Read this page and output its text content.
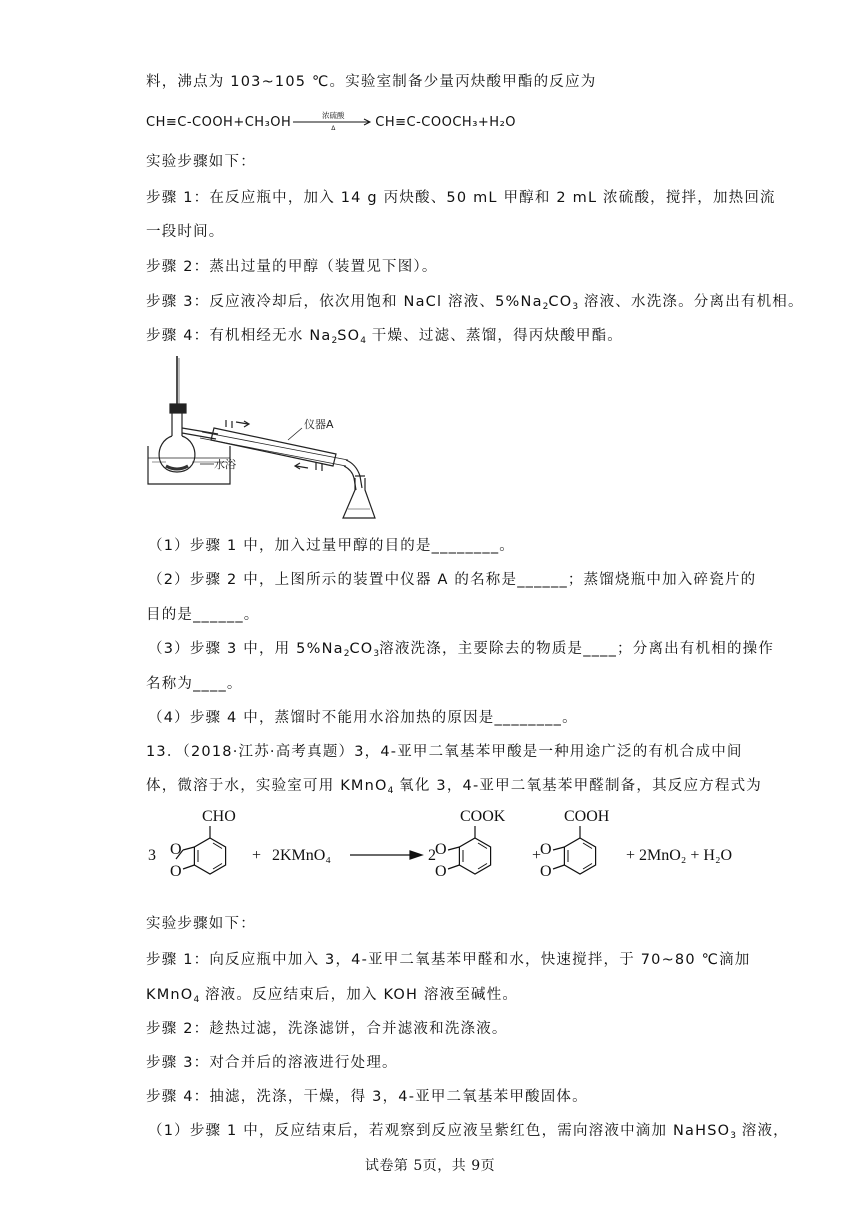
料，沸点为 103~105 ℃。实验室制备少量丙炔酸甲酯的反应为
CH≡C-COOH+CH₃OH	浓硫酸
Δ	CH≡C-COOCH₃+H₂O
实验步骤如下：
步骤 1：在反应瓶中，加入 14 g 丙炔酸、50 mL 甲醇和 2 mL 浓硫酸，搅拌，加热回流
一段时间。
步骤 2：蒸出过量的甲醇（装置见下图）。
步骤 3：反应液冷却后，依次用饱和 NaCl 溶液、$5\%Na_2CO_3$ 溶液、水洗涤。分离出有机相。
步骤 4：有机相经无水 $Na_2SO_4$ 干燥、过滤、蒸馏，得丙炔酸甲酯。
仪器A
水浴
（1）步骤 1 中，加入过量甲醇的目的是________。
（2）步骤 2 中，上图所示的装置中仪器 A 的名称是______；蒸馏烧瓶中加入碎瓷片的
目的是______。
（3）步骤 3 中，用 $5\%Na_2CO_3$溶液洗涤，主要除去的物质是____；分离出有机相的操作
名称为____。
（4）步骤 4 中，蒸馏时不能用水浴加热的原因是________。
13．（2018·江苏·高考真题）3，4-亚甲二氧基苯甲酸是一种用途广泛的有机合成中间
体，微溶于水，实验室可用 KMnO$_4$ 氧化 3，4-亚甲二氧基苯甲醛制备，其反应方程式为
O
O
3
CHO
+ 2KMnO₄	2 O
O
COOK
+
O
O
COOH
+ 2MnO₂ + H₂O
实验步骤如下：
步骤 1：向反应瓶中加入 3，4-亚甲二氧基苯甲醛和水，快速搅拌，于 70~80 ℃滴加
KMnO$_4$ 溶液。反应结束后，加入 KOH 溶液至碱性。
步骤 2：趁热过滤，洗涤滤饼，合并滤液和洗涤液。
步骤 3：对合并后的溶液进行处理。
步骤 4：抽滤，洗涤，干燥，得 3，4-亚甲二氧基苯甲酸固体。
（1）步骤 1 中，反应结束后，若观察到反应液呈紫红色，需向溶液中滴加 NaHSO$_3$ 溶液，
试卷第 5页，共 9页
